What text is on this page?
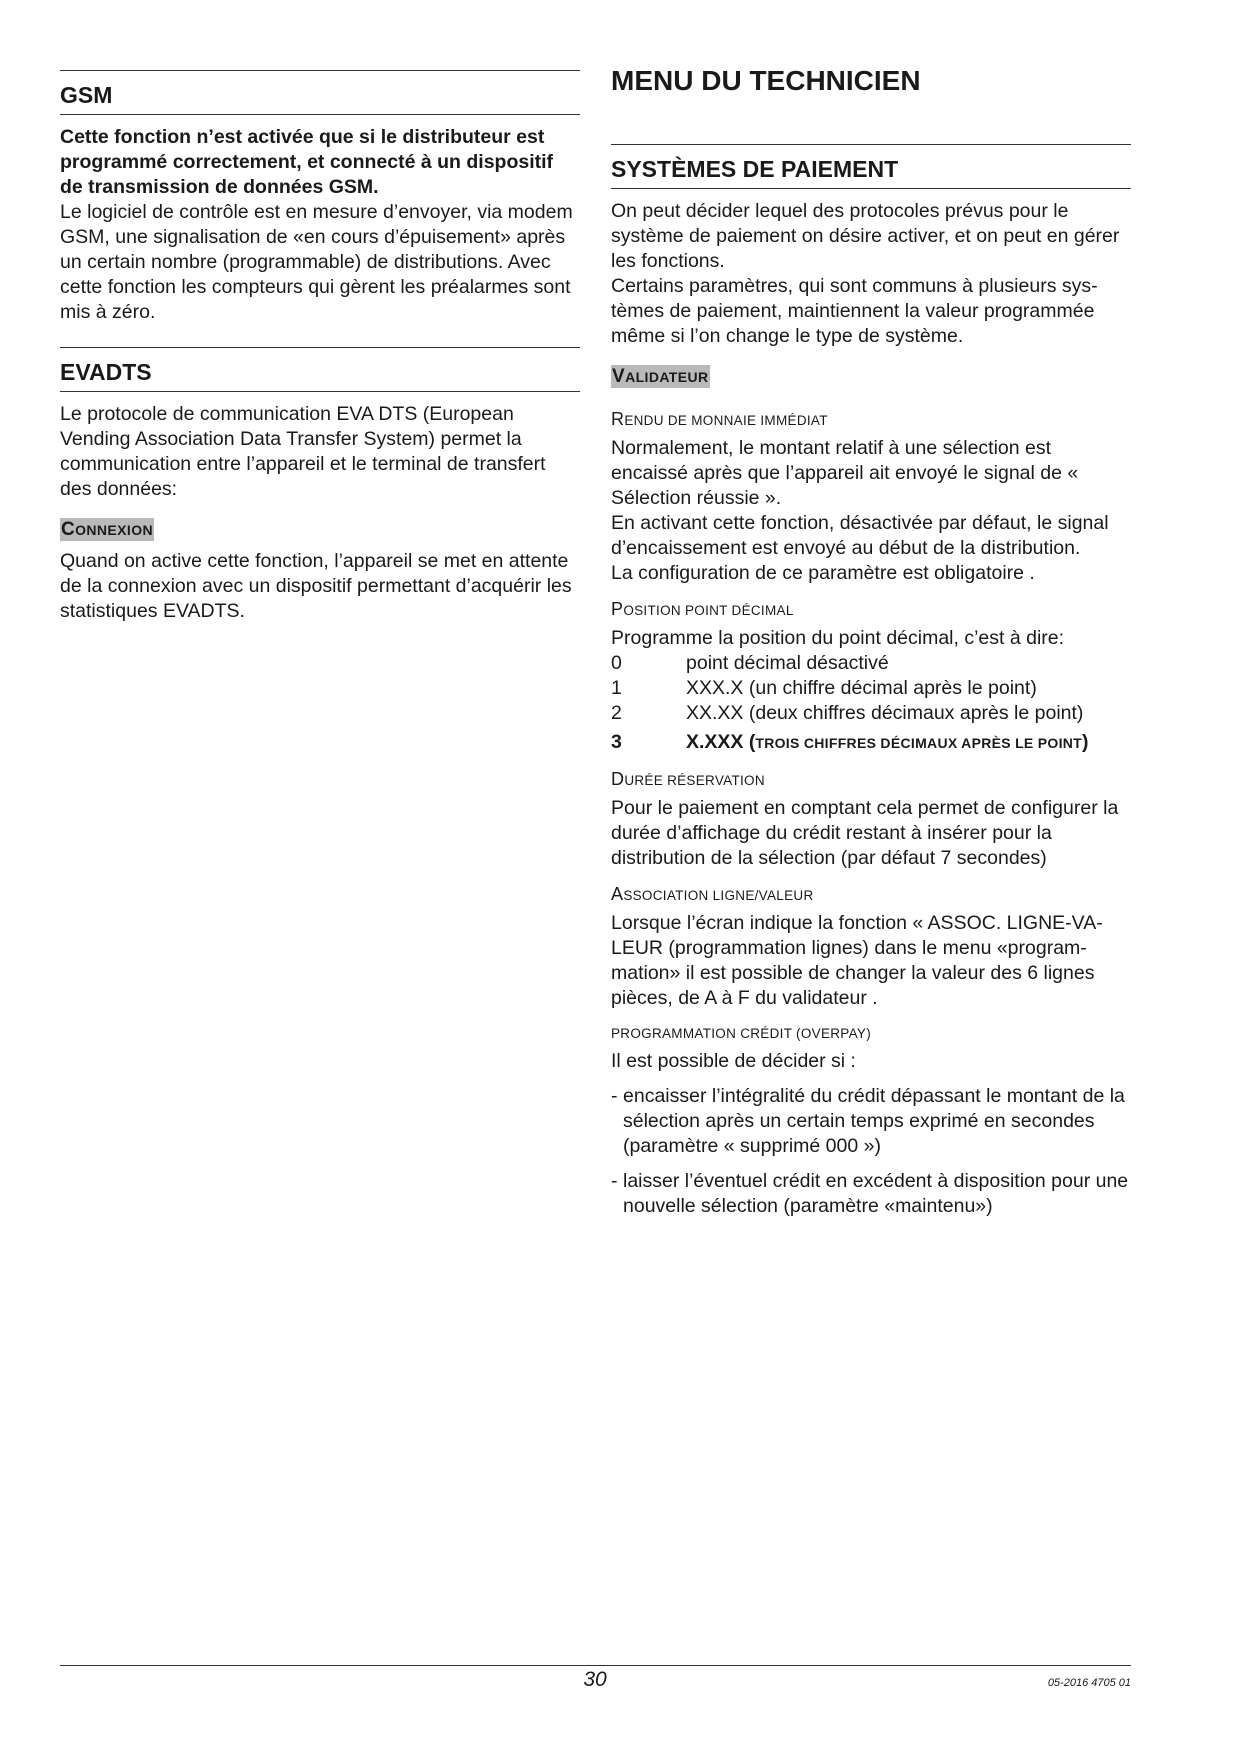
GSM

Cette fonction n’est activée que si le distributeur est programmé correctement, et connecté à un dispositif de transmission de données GSM.

Le logiciel de contrôle est en mesure d’envoyer, via modem GSM, une signalisation de «en cours d’épuisement» après un certain nombre (programmable) de distributions. Avec cette fonction les compteurs qui gèrent les préalarmes sont mis à zéro.

EVADTS

Le protocole de communication EVA DTS (European Vending Association Data Transfer System) permet la communication entre l’appareil et le terminal de transfert des données:

CONNEXION

Quand on active cette fonction, l’appareil se met en attente de la connexion avec un dispositif permettant d’acquérir les statistiques EVADTS.

MENU DU TECHNICIEN
SYSTÈMES DE PAIEMENT

On peut décider lequel des protocoles prévus pour le système de paiement on désire activer, et on peut en gérer les fonctions.

Certains paramètres, qui sont communs à plusieurs systèmes de paiement, maintiennent la valeur programmée même si l’on change le type de système.

VALIDATEUR
RENDU DE MONNAIE IMMÉDIAT

Normalement, le montant relatif à une sélection est encaissé après que l’appareil ait envoyé le signal de « Sélection réussie ».

En activant cette fonction, désactivée par défaut, le signal d’encaissement est envoyé au début de la distribution.

La configuration de ce paramètre est obligatoire .

POSITION POINT DÉCIMAL

Programme la position du point décimal, c’est à dire:

0	point décimal désactivé
1	XXX.X (un chiffre décimal après le point)
2	XX.XX (deux chiffres décimaux après le point)
3	X.XXX (TROIS CHIFFRES DÉCIMAUX APRÈS LE POINT)
DURÉE RÉSERVATION

Pour le paiement en comptant cela permet de configurer la durée d’affichage du crédit restant à insérer pour la distribution de la sélection (par défaut 7 secondes)

ASSOCIATION LIGNE/VALEUR

Lorsque l’écran indique la fonction « ASSOC. LIGNE-VALEUR (programmation lignes) dans le menu «programmation» il est possible de changer la valeur des 6 lignes pièces, de A à F du validateur .

PROGRAMMATION CRÉDIT (OVERPAY)

Il est possible de décider si :

- encaisser l’intégralité du crédit dépassant le montant de la sélection après un certain temps exprimé en secondes (paramètre « supprimé 000 »)
- laisser l’éventuel crédit en excédent à disposition pour une nouvelle sélection (paramètre «maintenu»)
30	05-2016 4705 01
